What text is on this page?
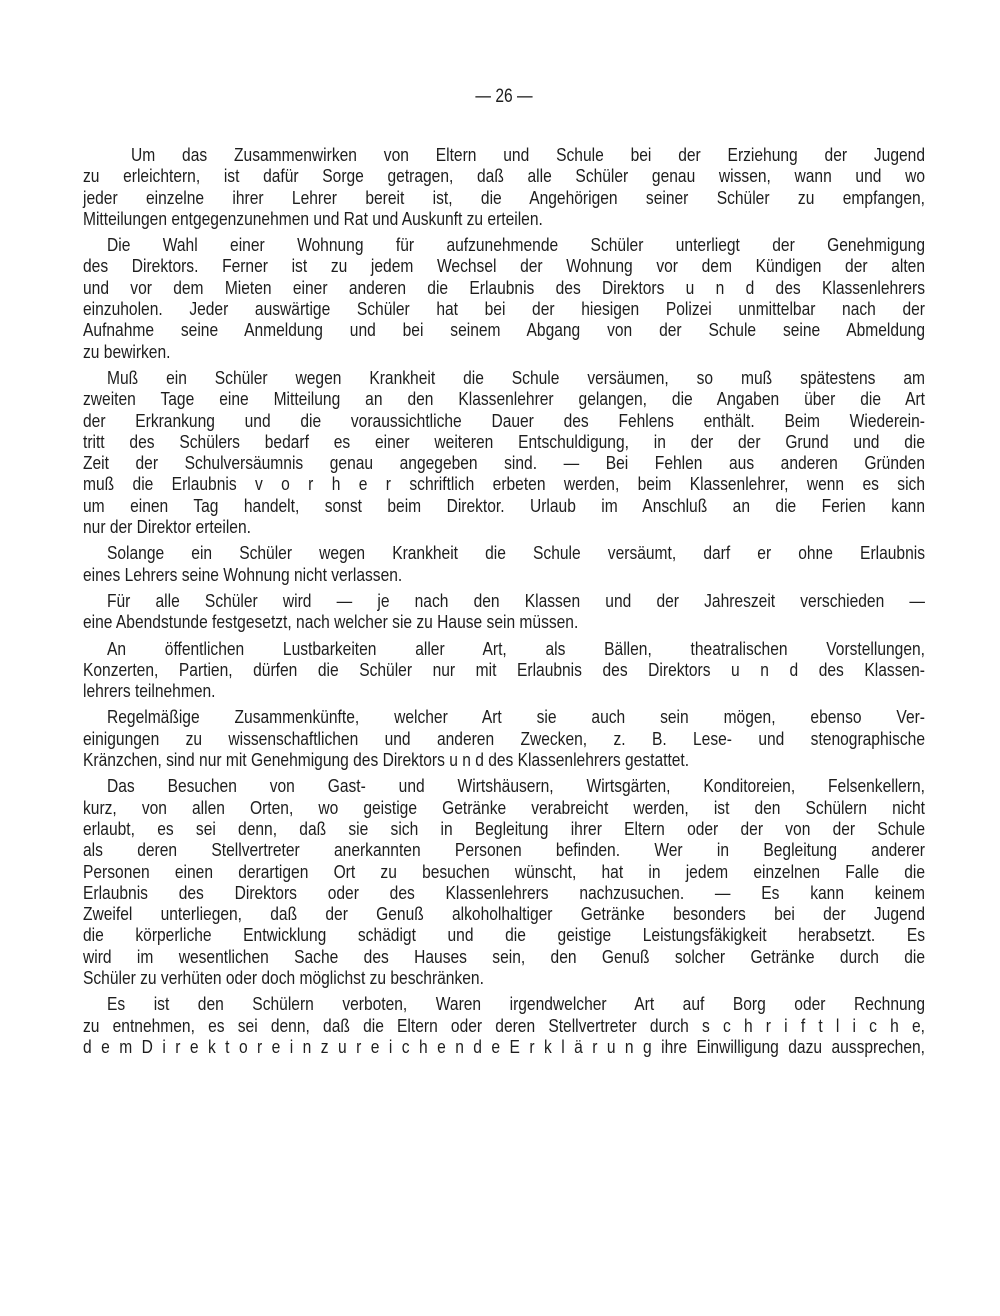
— 26 —
Um das Zusammenwirken von Eltern und Schule bei der Erziehung der Jugend
zu erleichtern, ist dafür Sorge getragen, daß alle Schüler genau wissen, wann und wo
jeder einzelne ihrer Lehrer bereit ist, die Angehörigen seiner Schüler zu empfangen,
Mitteilungen entgegenzunehmen und Rat und Auskunft zu erteilen.
Die Wahl einer Wohnung für aufzunehmende Schüler unterliegt der Genehmigung
des Direktors. Ferner ist zu jedem Wechsel der Wohnung vor dem Kündigen der alten
und vor dem Mieten einer anderen die Erlaubnis des Direktors u n d des Klassenlehrers
einzuholen. Jeder auswärtige Schüler hat bei der hiesigen Polizei unmittelbar nach der
Aufnahme seine Anmeldung und bei seinem Abgang von der Schule seine Abmeldung
zu bewirken.
Muß ein Schüler wegen Krankheit die Schule versäumen, so muß spätestens am
zweiten Tage eine Mitteilung an den Klassenlehrer gelangen, die Angaben über die Art
der Erkrankung und die voraussichtliche Dauer des Fehlens enthält. Beim Wiederein-
tritt des Schülers bedarf es einer weiteren Entschuldigung, in der der Grund und die
Zeit der Schulversäumnis genau angegeben sind. — Bei Fehlen aus anderen Gründen
muß die Erlaubnis v o r h e r schriftlich erbeten werden, beim Klassenlehrer, wenn es sich
um einen Tag handelt, sonst beim Direktor. Urlaub im Anschluß an die Ferien kann
nur der Direktor erteilen.
Solange ein Schüler wegen Krankheit die Schule versäumt, darf er ohne Erlaubnis
eines Lehrers seine Wohnung nicht verlassen.
Für alle Schüler wird — je nach den Klassen und der Jahreszeit verschieden —
eine Abendstunde festgesetzt, nach welcher sie zu Hause sein müssen.
An öffentlichen Lustbarkeiten aller Art, als Bällen, theatralischen Vorstellungen,
Konzerten, Partien, dürfen die Schüler nur mit Erlaubnis des Direktors u n d des Klassen-
lehrers teilnehmen.
Regelmäßige Zusammenkünfte, welcher Art sie auch sein mögen, ebenso Ver-
einigungen zu wissenschaftlichen und anderen Zwecken, z. B. Lese- und stenographische
Kränzchen, sind nur mit Genehmigung des Direktors u n d des Klassenlehrers gestattet.
Das Besuchen von Gast- und Wirtshäusern, Wirtsgärten, Konditoreien, Felsenkellern,
kurz, von allen Orten, wo geistige Getränke verabreicht werden, ist den Schülern nicht
erlaubt, es sei denn, daß sie sich in Begleitung ihrer Eltern oder der von der Schule
als deren Stellvertreter anerkannten Personen befinden. Wer in Begleitung anderer
Personen einen derartigen Ort zu besuchen wünscht, hat in jedem einzelnen Falle die
Erlaubnis des Direktors oder des Klassenlehrers nachzusuchen. — Es kann keinem
Zweifel unterliegen, daß der Genuß alkoholhaltiger Getränke besonders bei der Jugend
die körperliche Entwicklung schädigt und die geistige Leistungsfäkigkeit herabsetzt. Es
wird im wesentlichen Sache des Hauses sein, den Genuß solcher Getränke durch die
Schüler zu verhüten oder doch möglichst zu beschränken.
Es ist den Schülern verboten, Waren irgendwelcher Art auf Borg oder Rechnung
zu entnehmen, es sei denn, daß die Eltern oder deren Stellvertreter durch s c h r i f t l i c h e,
d e m D i r e k t o r e i n z u r e i c h e n d e E r k l ä r u n g ihre Einwilligung dazu aussprechen,
